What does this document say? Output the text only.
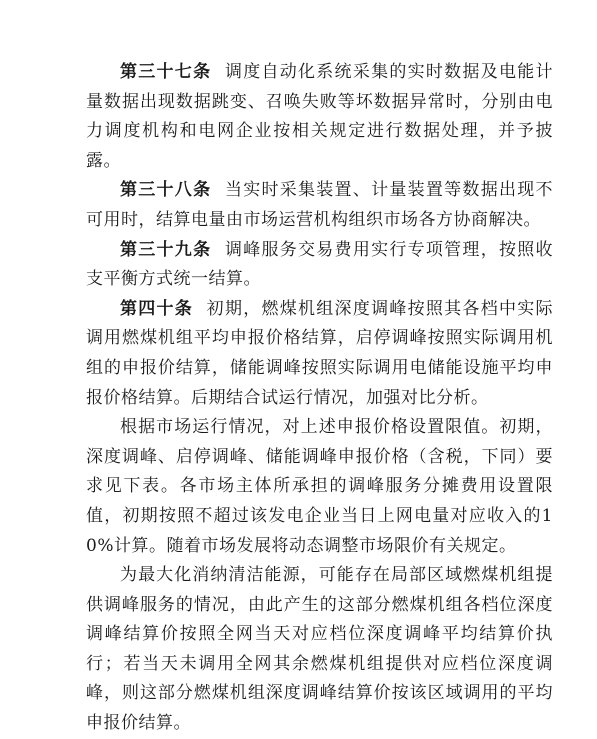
第三十七条 调度自动化系统采集的实时数据及电能计量数据出现数据跳变、召唤失败等坏数据异常时，分别由电力调度机构和电网企业按相关规定进行数据处理，并予披露。

第三十八条 当实时采集装置、计量装置等数据出现不可用时，结算电量由市场运营机构组织市场各方协商解决。

第三十九条 调峰服务交易费用实行专项管理，按照收支平衡方式统一结算。

第四十条 初期，燃煤机组深度调峰按照其各档中实际调用燃煤机组平均申报价格结算，启停调峰按照实际调用机组的申报价结算，储能调峰按照实际调用电储能设施平均申报价格结算。后期结合试运行情况，加强对比分析。

根据市场运行情况，对上述申报价格设置限值。初期，深度调峰、启停调峰、储能调峰申报价格（含税，下同）要求见下表。各市场主体所承担的调峰服务分摊费用设置限值，初期按照不超过该发电企业当日上网电量对应收入的10%计算。随着市场发展将动态调整市场限价有关规定。

为最大化消纳清洁能源，可能存在局部区域燃煤机组提供调峰服务的情况，由此产生的这部分燃煤机组各档位深度调峰结算价按照全网当天对应档位深度调峰平均结算价执行；若当天未调用全网其余燃煤机组提供对应档位深度调峰，则这部分燃煤机组深度调峰结算价按该区域调用的平均申报价结算。
